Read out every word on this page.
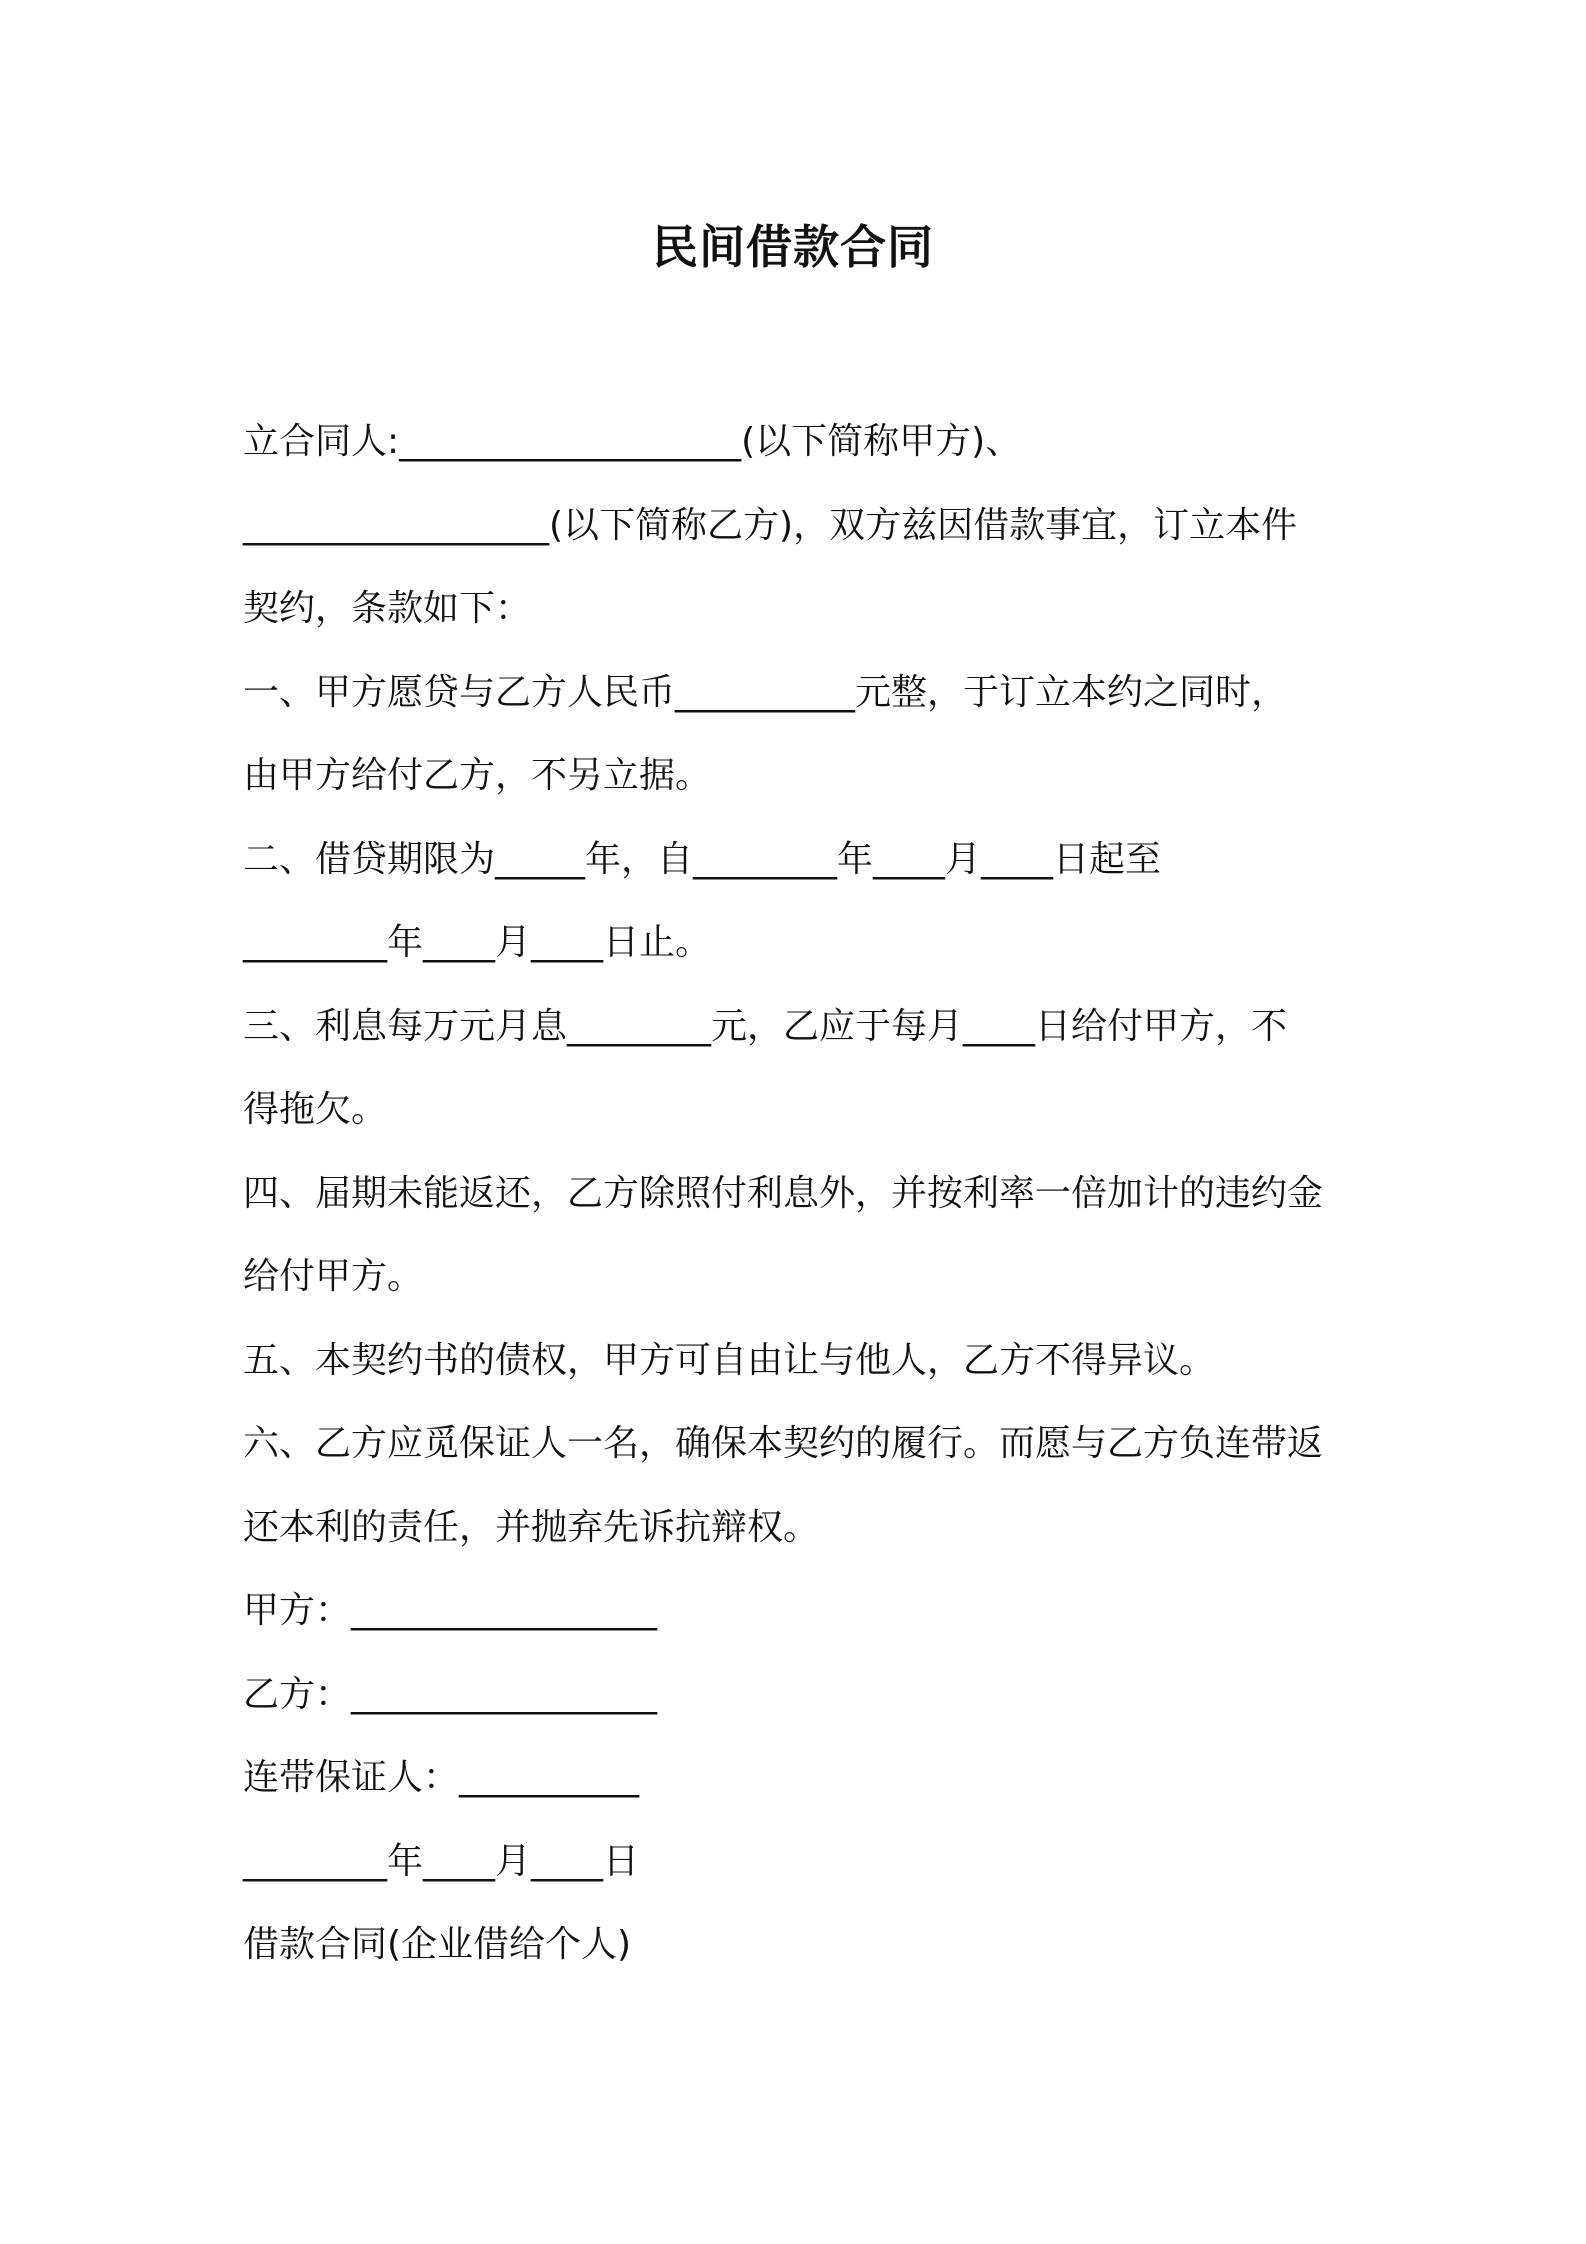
民间借款合同
立合同人:___________________(以下简称甲方)、
_________________(以下简称乙方)，双方兹因借款事宜，订立本件
契约，条款如下：
一、甲方愿贷与乙方人民币__________元整，于订立本约之同时，
由甲方给付乙方，不另立据。
二、借贷期限为_____年，自________年____月____日起至
________年____月____日止。
三、利息每万元月息________元，乙应于每月____日给付甲方，不
得拖欠。
四、届期未能返还，乙方除照付利息外，并按利率一倍加计的违约金
给付甲方。
五、本契约书的债权，甲方可自由让与他人，乙方不得异议。
六、乙方应觅保证人一名，确保本契约的履行。而愿与乙方负连带返
还本利的责任，并抛弃先诉抗辩权。
甲方：_________________
乙方：_________________
连带保证人：__________
________年____月____日
借款合同(企业借给个人)
